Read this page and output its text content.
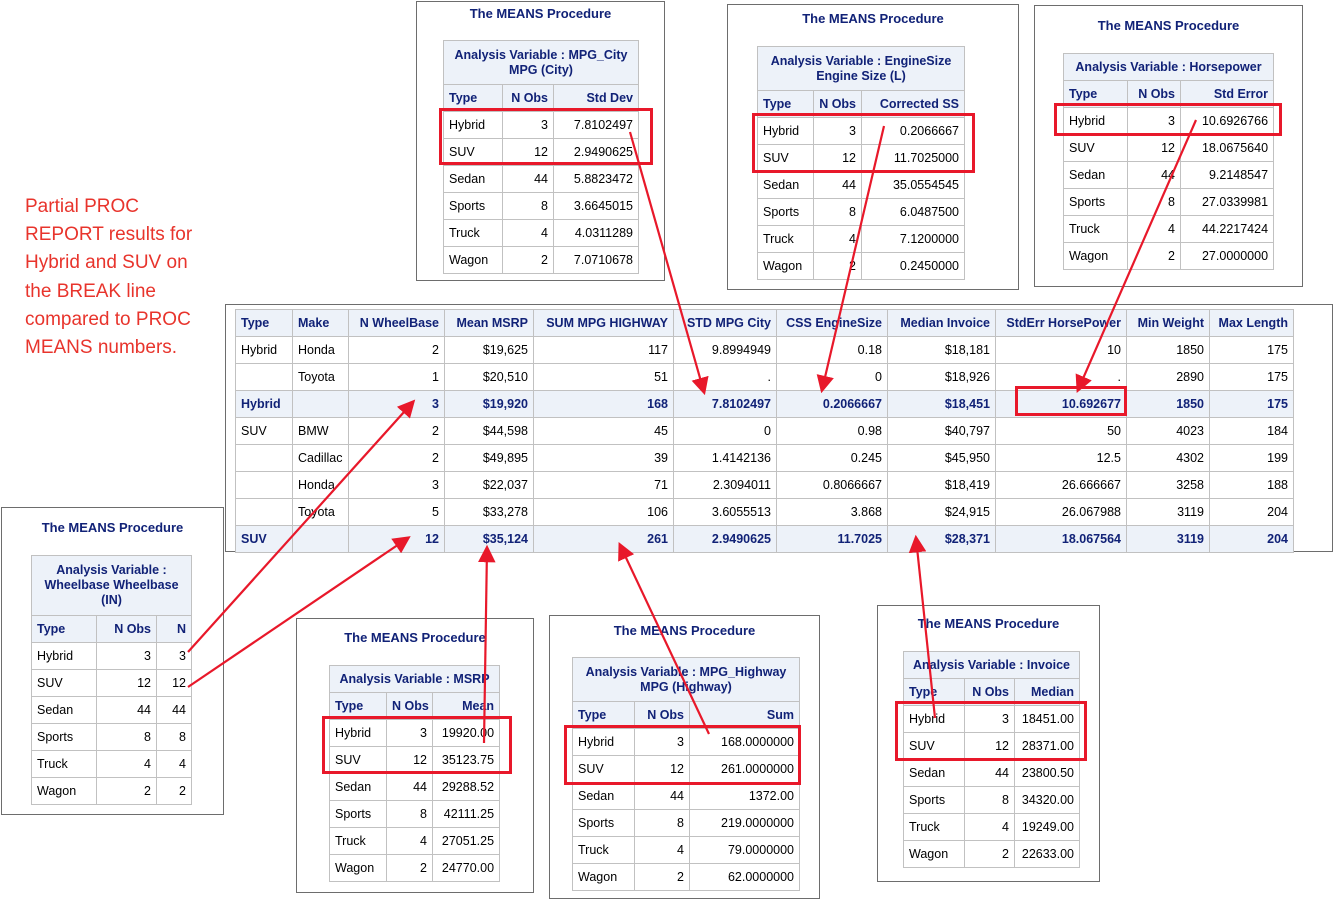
Partial PROC REPORT results for Hybrid and SUV on the BREAK line compared to PROC MEANS numbers.
The MEANS Procedure
Analysis Variable : MPG_City MPG (City)		
Type	N Obs	Std Dev
Hybrid	3	7.8102497
SUV	12	2.9490625
Sedan	44	5.8823472
Sports	8	3.6645015
Truck	4	4.0311289
Wagon	2	7.0710678
The MEANS Procedure
Analysis Variable : EngineSize Engine Size (L)		
Type	N Obs	Corrected SS
Hybrid	3	0.2066667
SUV	12	11.7025000
Sedan	44	35.0554545
Sports	8	6.0487500
Truck	4	7.1200000
Wagon	2	0.2450000
The MEANS Procedure
Analysis Variable : Horsepower		
Type	N Obs	Std Error
Hybrid	3	10.6926766
SUV	12	18.0675640
Sedan	44	9.2148547
Sports	8	27.0339981
Truck	4	44.2217424
Wagon	2	27.0000000
Type	Make	N WheelBase	Mean MSRP	SUM MPG HIGHWAY	STD MPG City	CSS EngineSize	Median Invoice	StdErr HorsePower	Min Weight	Max Length
Hybrid	Honda	2	$19,625	117	9.8994949	0.18	$18,181	10	1850	175
	Toyota	1	$20,510	51	.	0	$18,926	.	2890	175
Hybrid		3	$19,920	168	7.8102497	0.2066667	$18,451	10.692677	1850	175
SUV	BMW	2	$44,598	45	0	0.98	$40,797	50	4023	184
	Cadillac	2	$49,895	39	1.4142136	0.245	$45,950	12.5	4302	199
	Honda	3	$22,037	71	2.3094011	0.8066667	$18,419	26.666667	3258	188
	Toyota	5	$33,278	106	3.6055513	3.868	$24,915	26.067988	3119	204
SUV		12	$35,124	261	2.9490625	11.7025	$28,371	18.067564	3119	204
The MEANS Procedure
Analysis Variable : Wheelbase Wheelbase (IN)		
Type	N Obs	N
Hybrid	3	3
SUV	12	12
Sedan	44	44
Sports	8	8
Truck	4	4
Wagon	2	2
The MEANS Procedure
Analysis Variable : MSRP		
Type	N Obs	Mean
Hybrid	3	19920.00
SUV	12	35123.75
Sedan	44	29288.52
Sports	8	42111.25
Truck	4	27051.25
Wagon	2	24770.00
The MEANS Procedure
Analysis Variable : MPG_Highway MPG (Highway)		
Type	N Obs	Sum
Hybrid	3	168.0000000
SUV	12	261.0000000
Sedan	44	1372.00
Sports	8	219.0000000
Truck	4	79.0000000
Wagon	2	62.0000000
The MEANS Procedure
Analysis Variable : Invoice		
Type	N Obs	Median
Hybrid	3	18451.00
SUV	12	28371.00
Sedan	44	23800.50
Sports	8	34320.00
Truck	4	19249.00
Wagon	2	22633.00
